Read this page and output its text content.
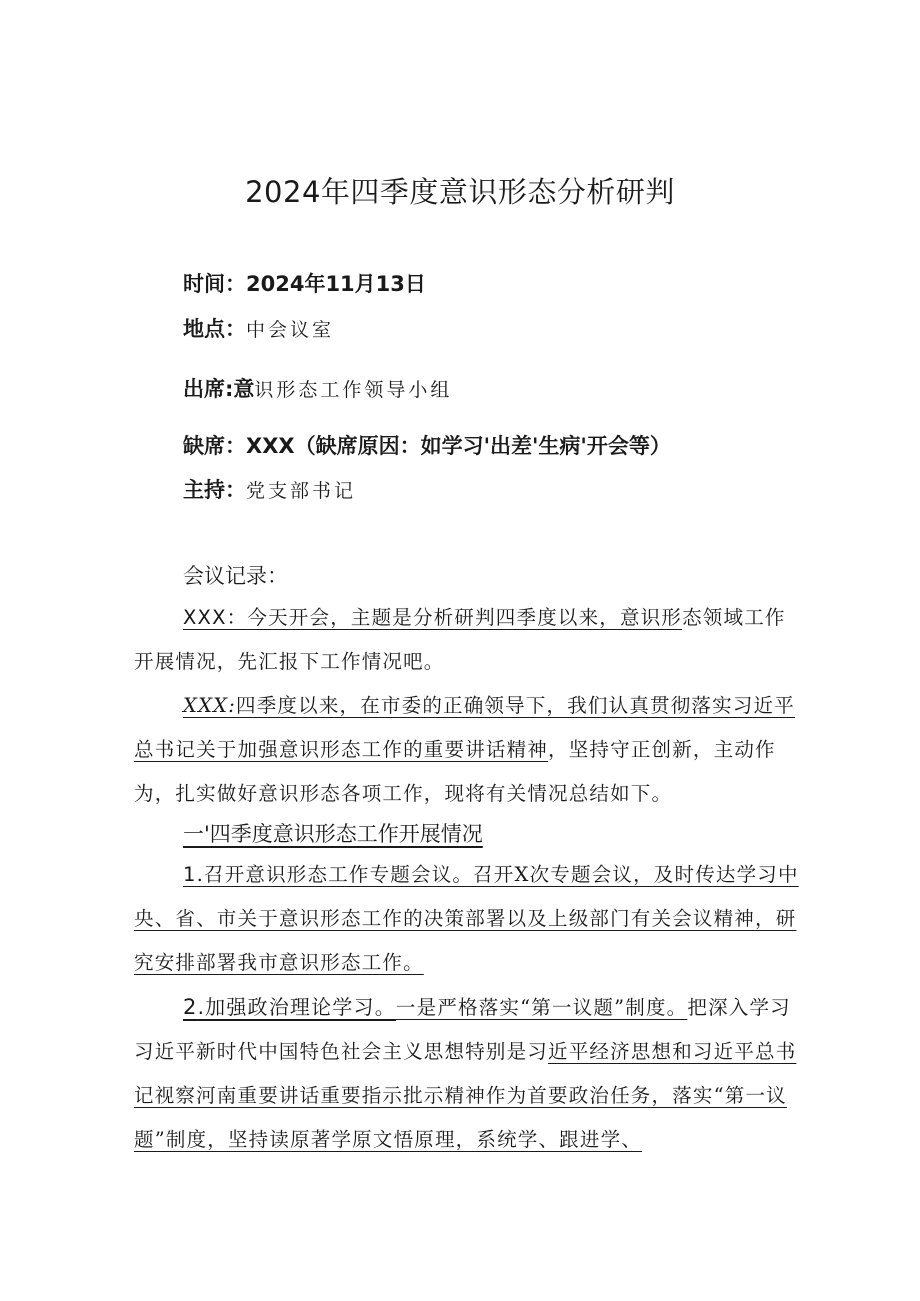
2024年四季度意识形态分析研判
时间：2024年11月13日
地点：中会议室
出席:意识形态工作领导小组
缺席：XXX（缺席原因：如学习'出差'生病'开会等）
主持：党支部书记
会议记录：
XXX：今天开会，主题是分析研判四季度以来，意识形态领域工作开展情况，先汇报下工作情况吧。
XXX:四季度以来，在市委的正确领导下，我们认真贯彻落实习近平总书记关于加强意识形态工作的重要讲话精神，坚持守正创新，主动作为，扎实做好意识形态各项工作，现将有关情况总结如下。
一'四季度意识形态工作开展情况
1.召开意识形态工作专题会议。召开X次专题会议，及时传达学习中央、省、市关于意识形态工作的决策部署以及上级部门有关会议精神，研究安排部署我市意识形态工作。
2.加强政治理论学习。一是严格落实“第一议题”制度。把深入学习习近平新时代中国特色社会主义思想特别是习近平经济思想和习近平总书记视察河南重要讲话重要指示批示精神作为首要政治任务，落实“第一议题”制度，坚持读原著学原文悟原理，系统学、跟进学、
